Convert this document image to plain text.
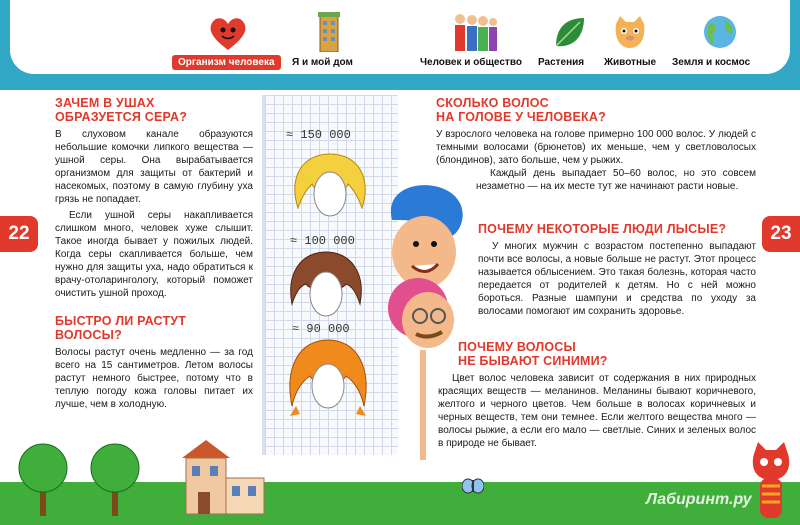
Организм человека	Я и мой дом	Человек и общество Растения Животные Земля и космос
22	23
ЗАЧЕМ В УШАХ
ОБРАЗУЕТСЯ СЕРА?

В слуховом канале образуются небольшие комочки липкого вещества — ушной серы. Она вырабатывается организмом для защиты от бактерий и насекомых, поэтому в самую глубину уха грязь не попадает.

Если ушной серы накапливается слишком много, человек хуже слышит. Такое иногда бывает у пожилых людей. Когда серы скапливается больше, чем нужно для защиты уха, надо обратиться к врачу-отоларингологу, который поможет очистить ушной проход.

БЫСТРО ЛИ РАСТУТ
ВОЛОСЫ?

Волосы растут очень медленно — за год всего на 15 сантиметров. Летом волосы растут немного быстрее, потому что в теплую погоду кожа головы питает их лучше, чем в холодную.

≈ 150 000
≈ 100 000
≈ 90 000
СКОЛЬКО ВОЛОС
НА ГОЛОВЕ У ЧЕЛОВЕКА?

У взрослого человека на голове примерно 100 000 волос. У людей с темными волосами (брюнетов) их меньше, чем у светловолосых (блондинов), зато больше, чем у рыжих.

Каждый день выпадает 50–60 волос, но это совсем незаметно — на их месте тут же начинают расти новые.

ПОЧЕМУ НЕКОТОРЫЕ ЛЮДИ ЛЫСЫЕ?

У многих мужчин с возрастом постепенно выпадают почти все волосы, а новые больше не растут. Этот процесс называется облысением. Это такая болезнь, которая часто передается от родителей к детям. Но с ней можно бороться. Разные шампуни и средства по уходу за волосами помогают им сохранить здоровье.

ПОЧЕМУ ВОЛОСЫ
НЕ БЫВАЮТ СИНИМИ?

Цвет волос человека зависит от содержания в них природных красящих веществ — меланинов. Меланины бывают коричневого, желтого и черного цветов. Чем больше в волосах коричневых и черных веществ, тем они темнее. Если желтого вещества много — волосы рыжие, а если его мало — светлые. Синих и зеленых волос в природе не бывает.

Лабиринт.ру
